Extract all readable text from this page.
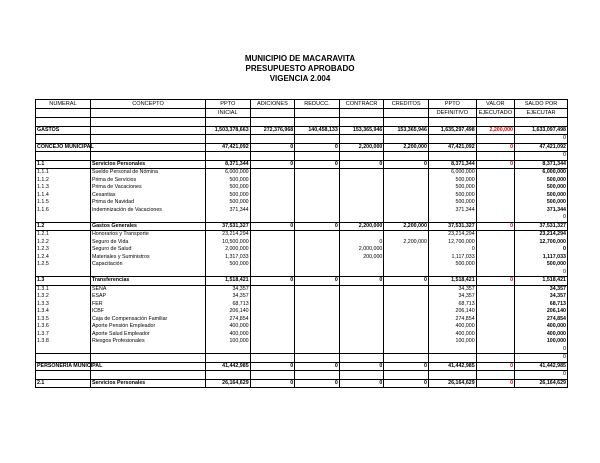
MUNICIPIO DE MACARAVITA
PRESUPUESTO APROBADO
VIGENCIA 2.004
NUMERAL	CONCEPTO	PPTO	ADICIONES	REDUCC.	CONTRACR	CREDITOS	PPTO	VALOR	SALDO POR
		INICIAL					DEFINITIVO	EJECUTADO	EJECUTAR

GASTOS		1,503,378,663	272,376,968	140,458,133	153,365,946	153,365,946	1,635,297,498	2,200,000	1,633,097,498
									0
CONCEJO MUNICIPAL		47,421,092	0	0	2,200,000	2,200,000	47,421,092	0	47,421,092
									0
1.1	Servicios Personales	8,371,344	0	0	0	0	8,371,344	0	8,371,344
1.1.1	Sueldo Personal de Nómina	6,000,000					6,000,000		6,000,000
1.1.2	Prima de Servicios	500,000					500,000		500,000
1.1.3	Prima de Vacaciones	500,000					500,000		500,000
1.1.4	Cesantias	500,000					500,000		500,000
1.1.5	Prima de Navidad	500,000					500,000		500,000
1.1.6	Indemnización de Vacaciones	371,344					371,344		371,344
									0
1.2	Gastos Generales	37,531,327	0	0	2,200,000	2,200,000	37,531,327	0	37,531,327
1.2.1	Honorarios y Transporte	23,214,294					23,214,294		23,214,294
1.2.2	Seguro de Vida	10,500,000			0	2,200,000	12,700,000		12,700,000
1.2.3	Seguro de Salud	2,000,000			2,000,000		0		0
1.2.4	Materiales y Suministros	1,317,033			200,000		1,117,033		1,117,033
1.2.5	Capacitación	500,000					500,000		500,000
									0
1.3	Transferencias	1,518,421	0	0	0	0	1,518,421	0	1,518,421
1.3.1	SENA	34,357					34,357		34,357
1.3.2	ESAP	34,357					34,357		34,357
1.3.3	FER	68,713					68,713		68,713
1.3.4	ICBF	206,140					206,140		206,140
1.3.5	Caja de Compensación Familiar	274,854					274,854		274,854
1.3.6	Aporte Pensión Empleador	400,000					400,000		400,000
1.3.7	Aporte Salud Empleador	400,000					400,000		400,000
1.3.8	Riesgos Profesionales	100,000					100,000		100,000
									0
									0
PERSONERIA MUNICIPAL		41,442,985	0	0	0	0	41,442,985	0	41,442,985
									0
2.1	Servicios Personales	26,164,629	0	0	0	0	26,164,629	0	26,164,629
